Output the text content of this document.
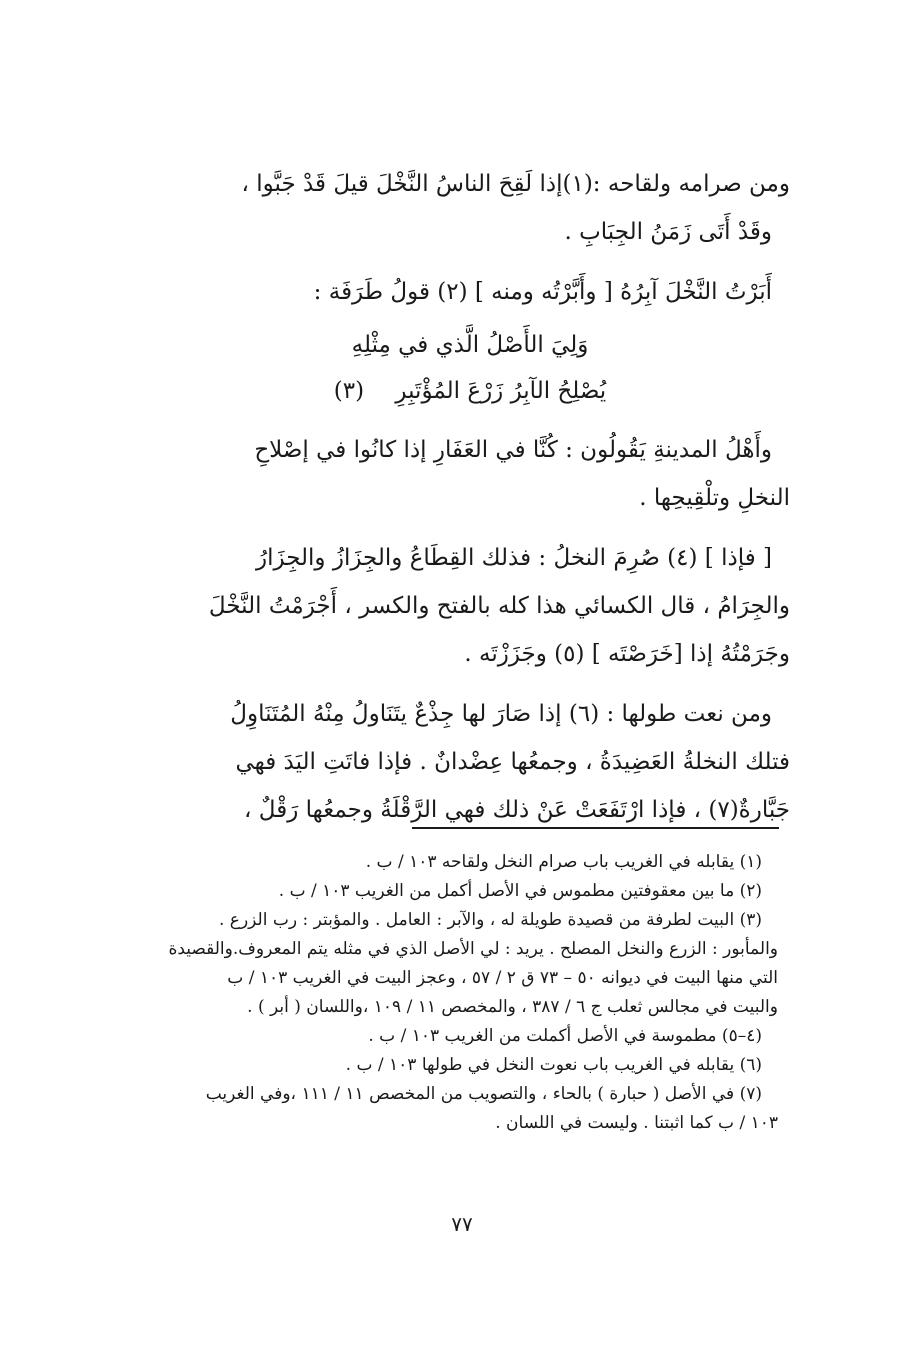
ومن صرامه ولقاحه :(١)إذا لَقِحَ الناسُ النَّخْلَ قيلَ قَدْ جَبَّوا ،

وقَدْ أَتَى زَمَنُ الجِبَابِ .

أَبَرْتُ النَّخْلَ آبِرُهُ [ وأَبَّرْتُه ومنه ] (٢) قولُ طَرَفَة :

وَلِيَ الأَصْلُ الَّذي في مِثْلِهِ
يُصْلِحُ الآبِرُ زَرْعَ المُؤْتَبِرِ (٣)

وأَهْلُ المدينةِ يَقُولُون : كُنَّا في العَفَارِ إذا كانُوا في إصْلاحِ

النخلِ وتلْقِيحِها .

[ فإذا ] (٤) صُرِمَ النخلُ : فذلك القِطَاعُ والجِزَازُ والجِزَارُ

والجِرَامُ ، قال الكسائي هذا كله بالفتح والكسر ، أَجْرَمْتُ النَّخْلَ

وجَرَمْتُهُ إذا [خَرَصْتَه ] (٥) وجَزَزْتَه .

ومن نعت طولها : (٦) إذا صَارَ لها جِذْعٌ يتَنَاولُ مِنْهُ المُتَنَاوِلُ

فتلك النخلةُ العَضِيدَةُ ، وجمعُها عِضْدانٌ . فإذا فاتَتِ اليَدَ فهي

جَبَّارةٌ(٧) ، فإذا ارْتَفَعَتْ عَنْ ذلك فهي الرَّقْلَةُ وجمعُها رَقْلٌ ،

(١) يقابله في الغريب باب صرام النخل ولقاحه ١٠٣ / ب .

(٢) ما بين معقوفتين مطموس في الأصل أكمل من الغريب ١٠٣ / ب .

(٣) البيت لطرفة من قصيدة طويلة له ، والآبر : العامل . والمؤبتر : رب الزرع .

والمأبور : الزرع والنخل المصلح . يريد : لي الأصل الذي في مثله يتم المعروف.والقصيدة

التي منها البيت في ديوانه ٥٠ – ٧٣ ق ٢ / ٥٧ ، وعجز البيت في الغريب ١٠٣ / ب

والبيت في مجالس ثعلب ج ٦ / ٣٨٧ ، والمخصص ١١ / ١٠٩ ،واللسان ( أبر ) .

(٤–٥) مطموسة في الأصل أكملت من الغريب ١٠٣ / ب .

(٦) يقابله في الغريب باب نعوت النخل في طولها ١٠٣ / ب .

(٧) في الأصل ( حبارة ) بالحاء ، والتصويب من المخصص ١١ / ١١١ ،وفي الغريب

١٠٣ / ب كما اثبتنا . وليست في اللسان .

٧٧
